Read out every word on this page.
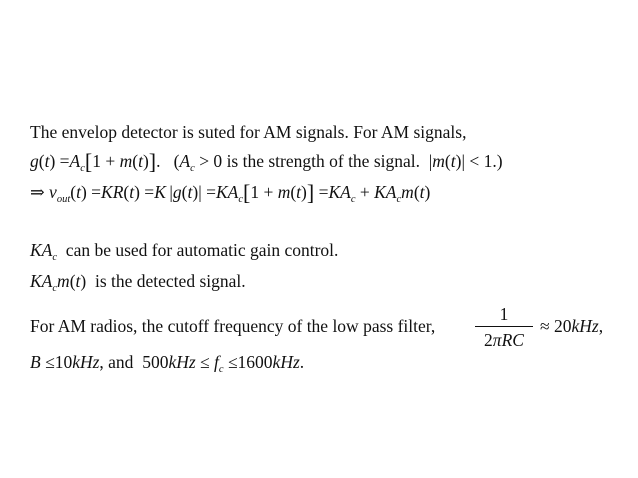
The envelop detector is suted for AM signals. For AM signals,
$g(t) =A_c[1 + m(t)]$.   ($A_c > 0$ is the strength of the signal. |m(t)| < 1.)
⇒ $v_{out}(t) =KR(t) =K$  $|g(t)| =KA_c[1 + m(t)] =KA_c + KA_cm(t)$
$KA_c$ can be used for automatic gain control.
$KA_cm(t)$  is the detected signal.
For AM radios, the cutoff frequency of the low pass filter,
1
2πRC
≈ 20kHz,
B ≤10kHz, and $500kHz \le f_c \le 1600kHz$.
